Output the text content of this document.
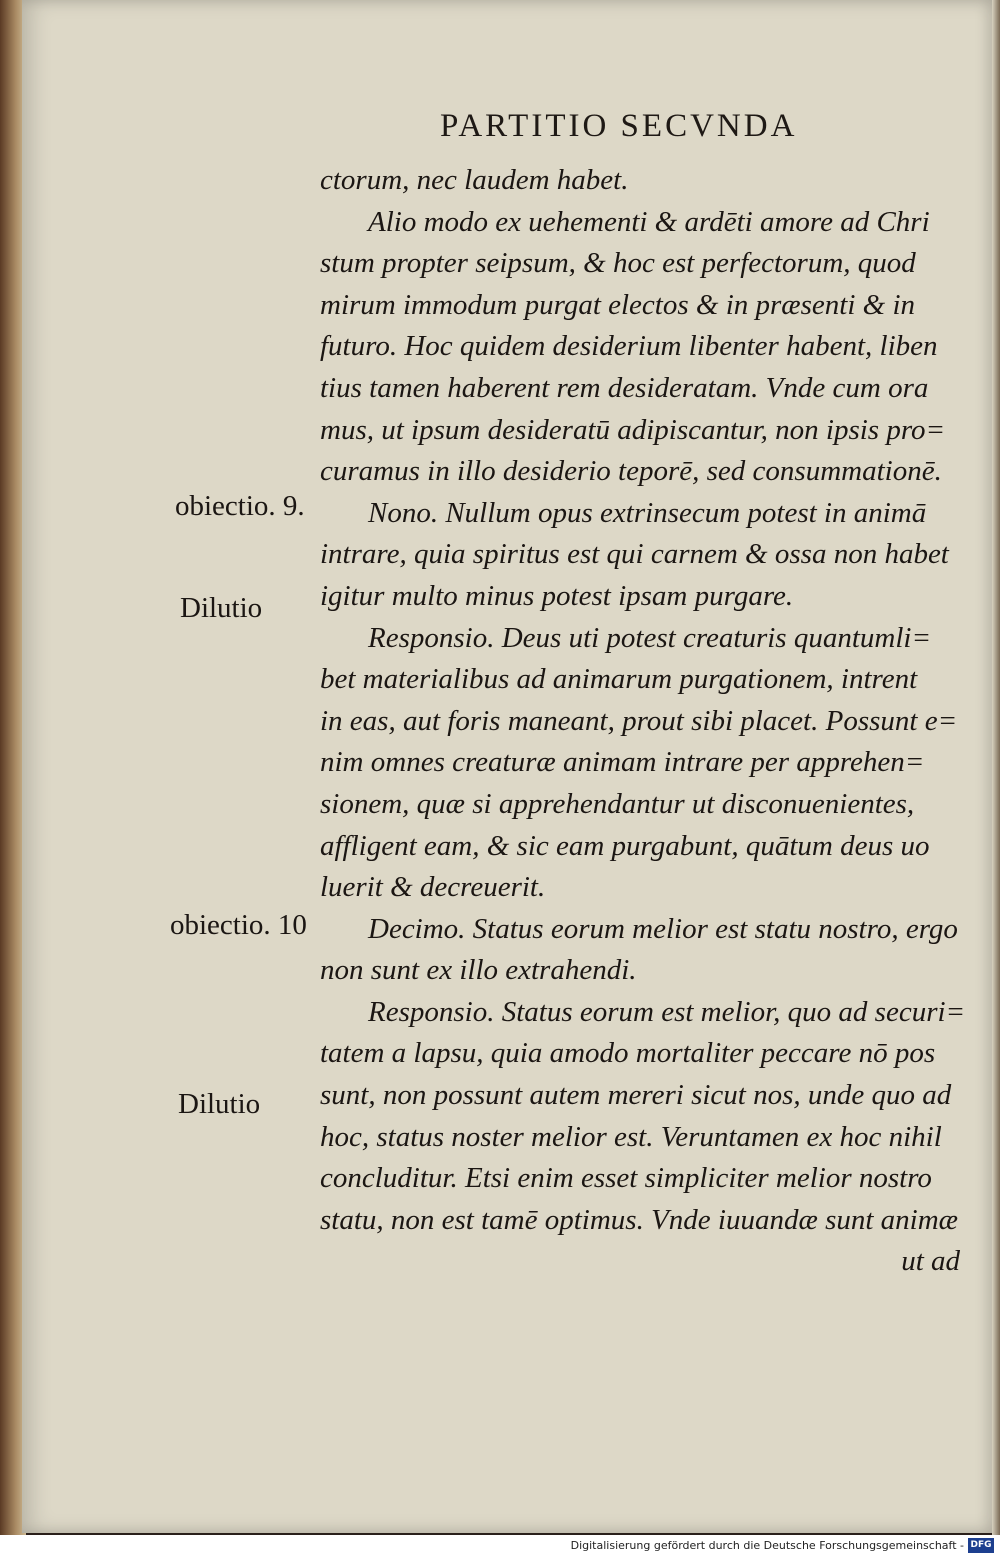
PARTITIO SECVNDA
ctorum, nec laudem habet.
Alio modo ex uehementi & ardēti amore ad Chri
stum propter seipsum, & hoc est perfectorum, quod
mirum immodum purgat electos & in præsenti & in
futuro. Hoc quidem desiderium libenter habent, liben
tius tamen haberent rem desideratam. Vnde cum ora
mus, ut ipsum desideratū adipiscantur, non ipsis pro=
curamus in illo desiderio teporē, sed consummationē.
Nono. Nullum opus extrinsecum potest in animā
intrare, quia spiritus est qui carnem & ossa non habet
igitur multo minus potest ipsam purgare.
Responsio. Deus uti potest creaturis quantumli=
bet materialibus ad animarum purgationem, intrent
in eas, aut foris maneant, prout sibi placet. Possunt e=
nim omnes creaturæ animam intrare per apprehen=
sionem, quæ si apprehendantur ut disconuenientes,
affligent eam, & sic eam purgabunt, quātum deus uo
luerit & decreuerit.
Decimo. Status eorum melior est statu nostro, ergo
non sunt ex illo extrahendi.
Responsio. Status eorum est melior, quo ad securi=
tatem a lapsu, quia amodo mortaliter peccare nō pos
sunt, non possunt autem mereri sicut nos, unde quo ad
hoc, status noster melior est. Veruntamen ex hoc nihil
concluditur. Etsi enim esset simpliciter melior nostro
statu, non est tamē optimus. Vnde iuuandæ sunt animæ
ut ad
obiectio. 9.
Dilutio
obiectio. 10
Dilutio
Digitalisierung gefördert durch die Deutsche Forschungsgemeinschaft - DFG
